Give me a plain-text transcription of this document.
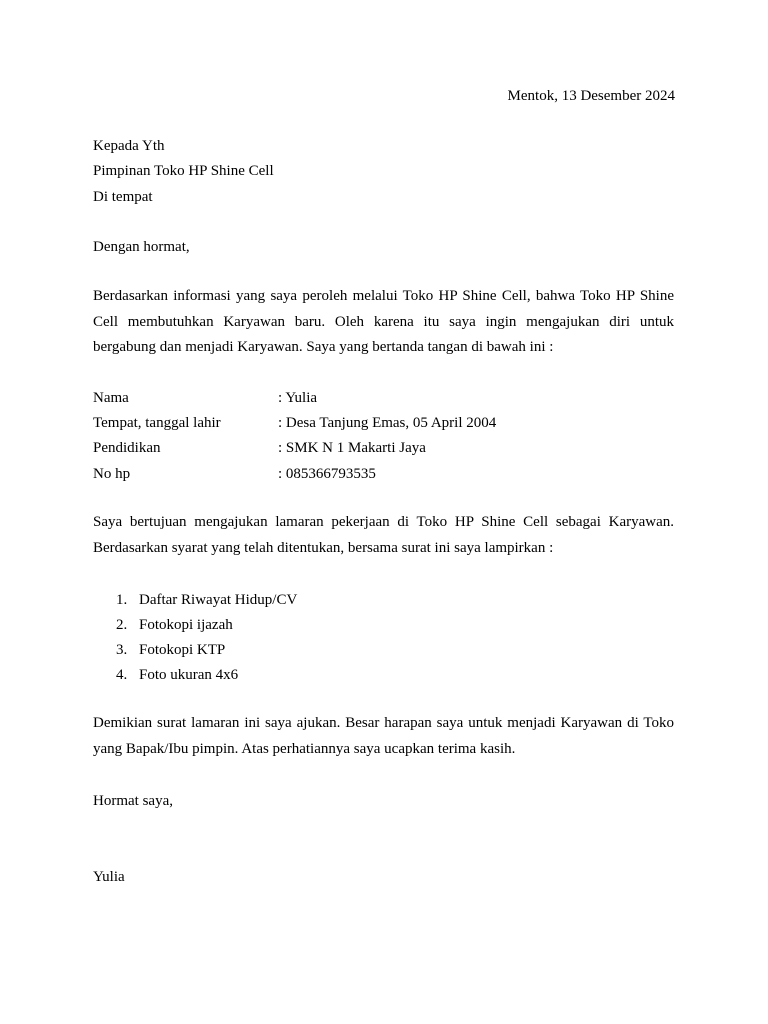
Mentok, 13 Desember 2024
Kepada Yth
Pimpinan Toko HP Shine Cell
Di tempat
Dengan hormat,
Berdasarkan informasi yang saya peroleh melalui Toko HP Shine Cell, bahwa Toko HP Shine Cell membutuhkan Karyawan baru. Oleh karena itu saya ingin mengajukan diri untuk bergabung dan menjadi Karyawan. Saya yang bertanda tangan di bawah ini :
Nama	: Yulia
Tempat, tanggal lahir	: Desa Tanjung Emas, 05 April 2004
Pendidikan	: SMK N 1 Makarti Jaya
No hp	: 085366793535
Saya bertujuan mengajukan lamaran pekerjaan di Toko HP Shine Cell sebagai Karyawan. Berdasarkan syarat yang telah ditentukan, bersama surat ini saya lampirkan :
1. Daftar Riwayat Hidup/CV
2. Fotokopi ijazah
3. Fotokopi KTP
4. Foto ukuran 4x6
Demikian surat lamaran ini saya ajukan. Besar harapan saya untuk menjadi Karyawan di Toko yang Bapak/Ibu pimpin. Atas perhatiannya saya ucapkan terima kasih.
Hormat saya,
Yulia
